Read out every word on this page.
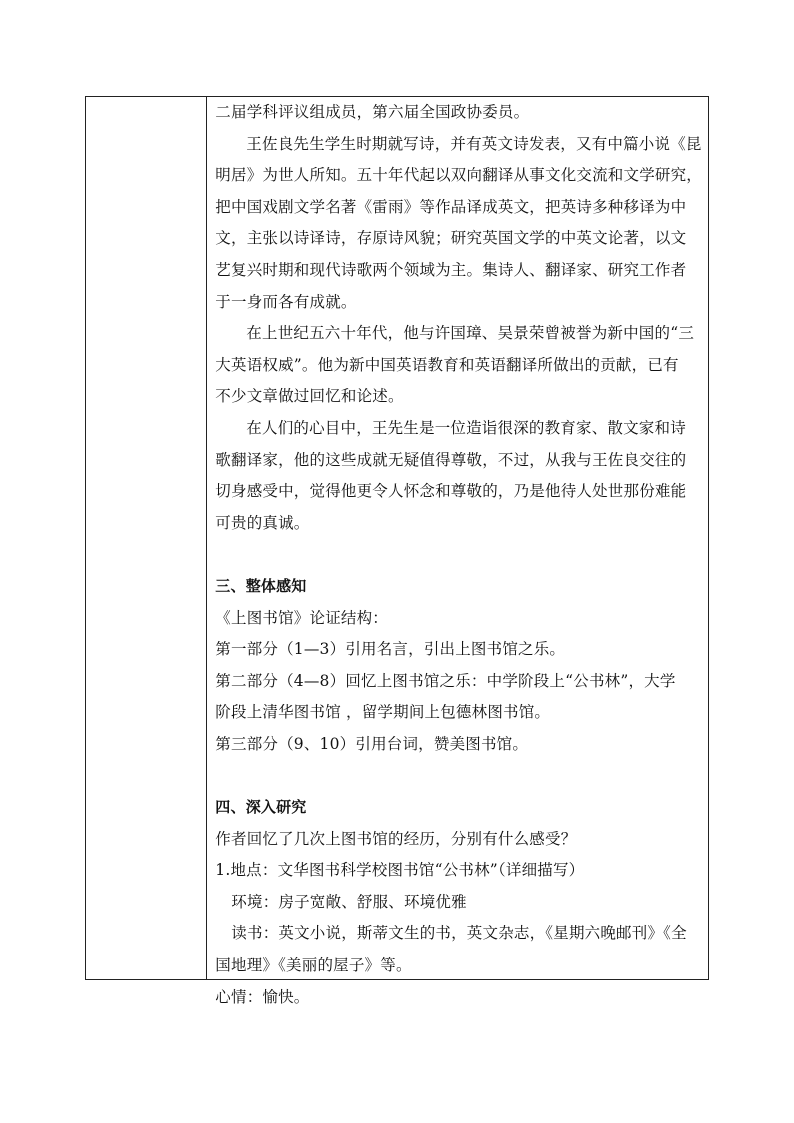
二届学科评议组成员，第六届全国政协委员。
王佐良先生学生时期就写诗，并有英文诗发表，又有中篇小说《昆
明居》为世人所知。五十年代起以双向翻译从事文化交流和文学研究，
把中国戏剧文学名著《雷雨》等作品译成英文，把英诗多种移译为中
文，主张以诗译诗，存原诗风貌；研究英国文学的中英文论著，以文
艺复兴时期和现代诗歌两个领域为主。集诗人、翻译家、研究工作者
于一身而各有成就。
在上世纪五六十年代，他与许国璋、吴景荣曾被誉为新中国的“三
大英语权威”。他为新中国英语教育和英语翻译所做出的贡献，已有
不少文章做过回忆和论述。
在人们的心目中，王先生是一位造诣很深的教育家、散文家和诗
歌翻译家，他的这些成就无疑值得尊敬，不过，从我与王佐良交往的
切身感受中，觉得他更令人怀念和尊敬的，乃是他待人处世那份难能
可贵的真诚。
三、整体感知
《上图书馆》论证结构：
第一部分（1—3）引用名言，引出上图书馆之乐。
第二部分（4—8）回忆上图书馆之乐：中学阶段上“公书林”，大学
阶段上清华图书馆 ，留学期间上包德林图书馆。
第三部分（9、10）引用台词，赞美图书馆。
四、深入研究
作者回忆了几次上图书馆的经历，分别有什么感受？
1.地点：文华图书科学校图书馆“公书林”（详细描写）
环境：房子宽敞、舒服、环境优雅
读书：英文小说，斯蒂文生的书，英文杂志，《星期六晚邮刊》《全
国地理》《美丽的屋子》等。
心情：愉快。
